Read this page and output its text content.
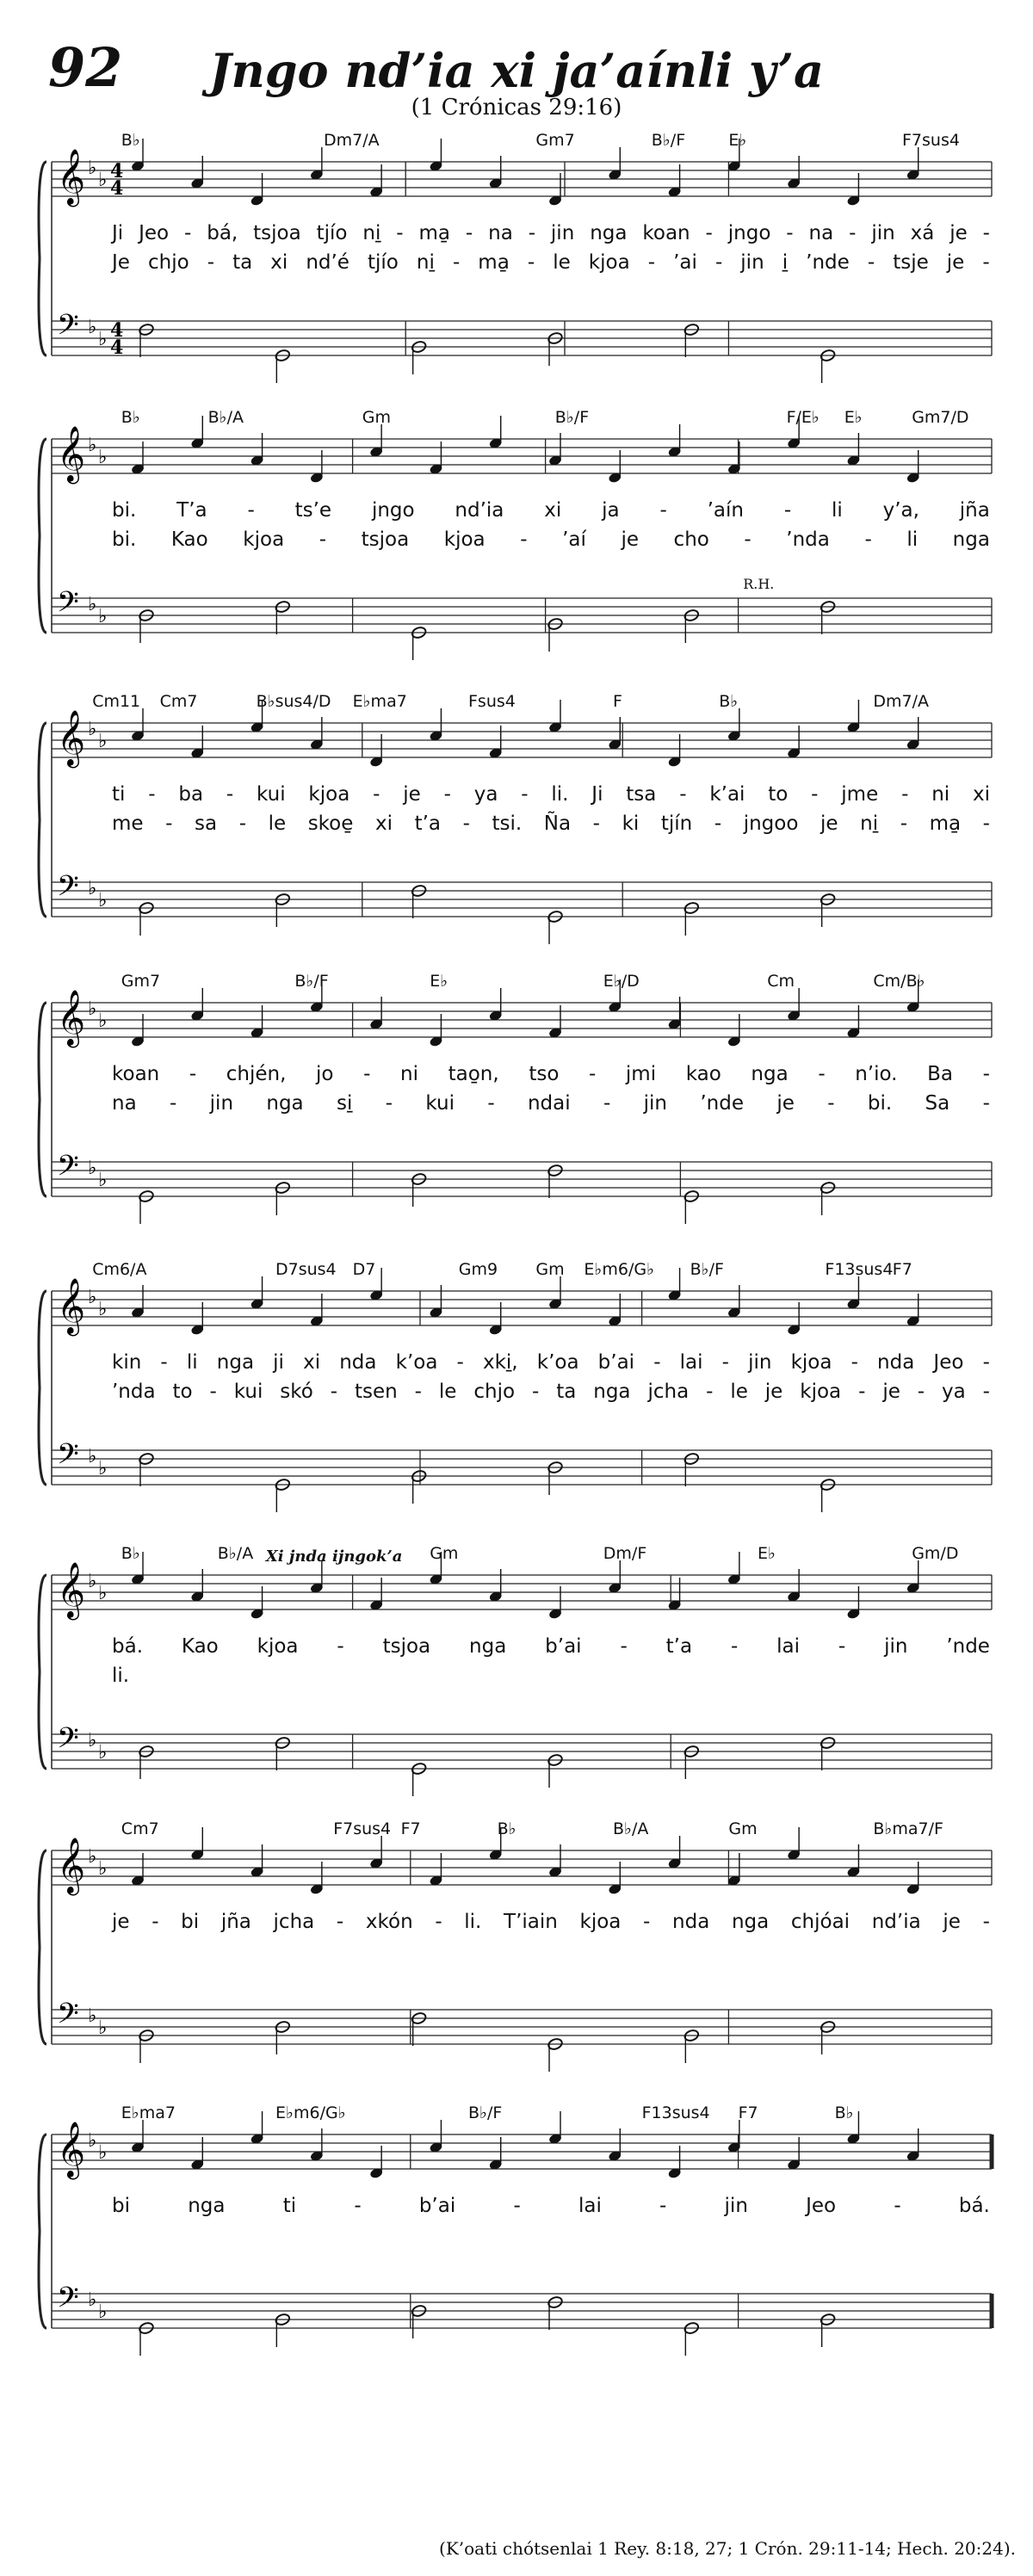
92	Jngo nd’ia xi ja’aínli y’a
(1 Crónicas 29:16)
𝄞 ♭
♭
𝄢 ♭
♭
4
4
4
4
B♭	Dm7/A	Gm7	B♭/F	E♭	F7sus4
Ji Jeo - bá, tsjoa tjío ni̱ - ma̱ - na - jin nga koan - jngo - na - jin xá je -
Je chjo - ta xi nd’é tjío ni̱ - ma̱ - le kjoa - ’ai - jin i̱ ’nde - tsje je -
𝄞 ♭
♭
𝄢 ♭
♭
B♭	B♭/A	Gm	B♭/F	F/E♭ E♭	Gm7/D
R.H.
bi. T’a - ts’e jngo nd’ia xi ja - ’aín - li y’a, jña
bi. Kao kjoa - tsjoa kjoa - ’aí je cho - ’nda - li nga
𝄞 ♭
♭
𝄢 ♭
♭
Cm11 Cm7	B♭sus4/D E♭ma7	Fsus4	F	B♭	Dm7/A
ti - ba - kui kjoa - je - ya - li. Ji tsa - k’ai to - jme - ni xi
me - sa - le skoe̱ xi t’a - tsi. Ña - ki tjín - jngoo je ni̱ - ma̱ -
𝄞 ♭
♭
𝄢 ♭
♭
Gm7	B♭/F	E♭	E♭/D	Cm	Cm/B♭
koan - chjén, jo - ni tao̱n, tso - jmi kao nga - n’io. Ba -
na - jin nga si̱ - kui - ndai - jin ’nde je - bi. Sa -
𝄞 ♭
♭
𝄢 ♭
♭
Cm6/A	D7sus4 D7	Gm9 Gm E♭m6/G♭ B♭/F	F13sus4 F7
kin - li nga ji xi nda k’oa - xki̱, k’oa b’ai - lai - jin kjoa - nda Jeo -
’nda to - kui skó - tsen - le chjo - ta nga jcha - le je kjoa - je - ya -
𝄞 ♭
♭
𝄢 ♭
♭
B♭	B♭/A	Gm	Dm/F	E♭	Gm/D
Xi jnda ijngok’a
bá. Kao kjoa - tsjoa nga b’ai - t’a - lai - jin ’nde
li.
𝄞 ♭
♭
𝄢 ♭
♭
Cm7	F7sus4 F7	B♭	B♭/A	Gm	B♭ma7/F
je - bi jña jcha - xkón - li. T’iain kjoa - nda nga chjóai nd’ia je -
𝄞 ♭
♭
𝄢 ♭
♭
E♭ma7	E♭m6/G♭	B♭/F	F13sus4 F7	B♭
bi	nga	ti	-	b’ai	-	lai	-	jin	Jeo	-	bá.
(K’oati chótsenlai 1 Rey. 8:18, 27; 1 Crón. 29:11-14; Hech. 20:24).
